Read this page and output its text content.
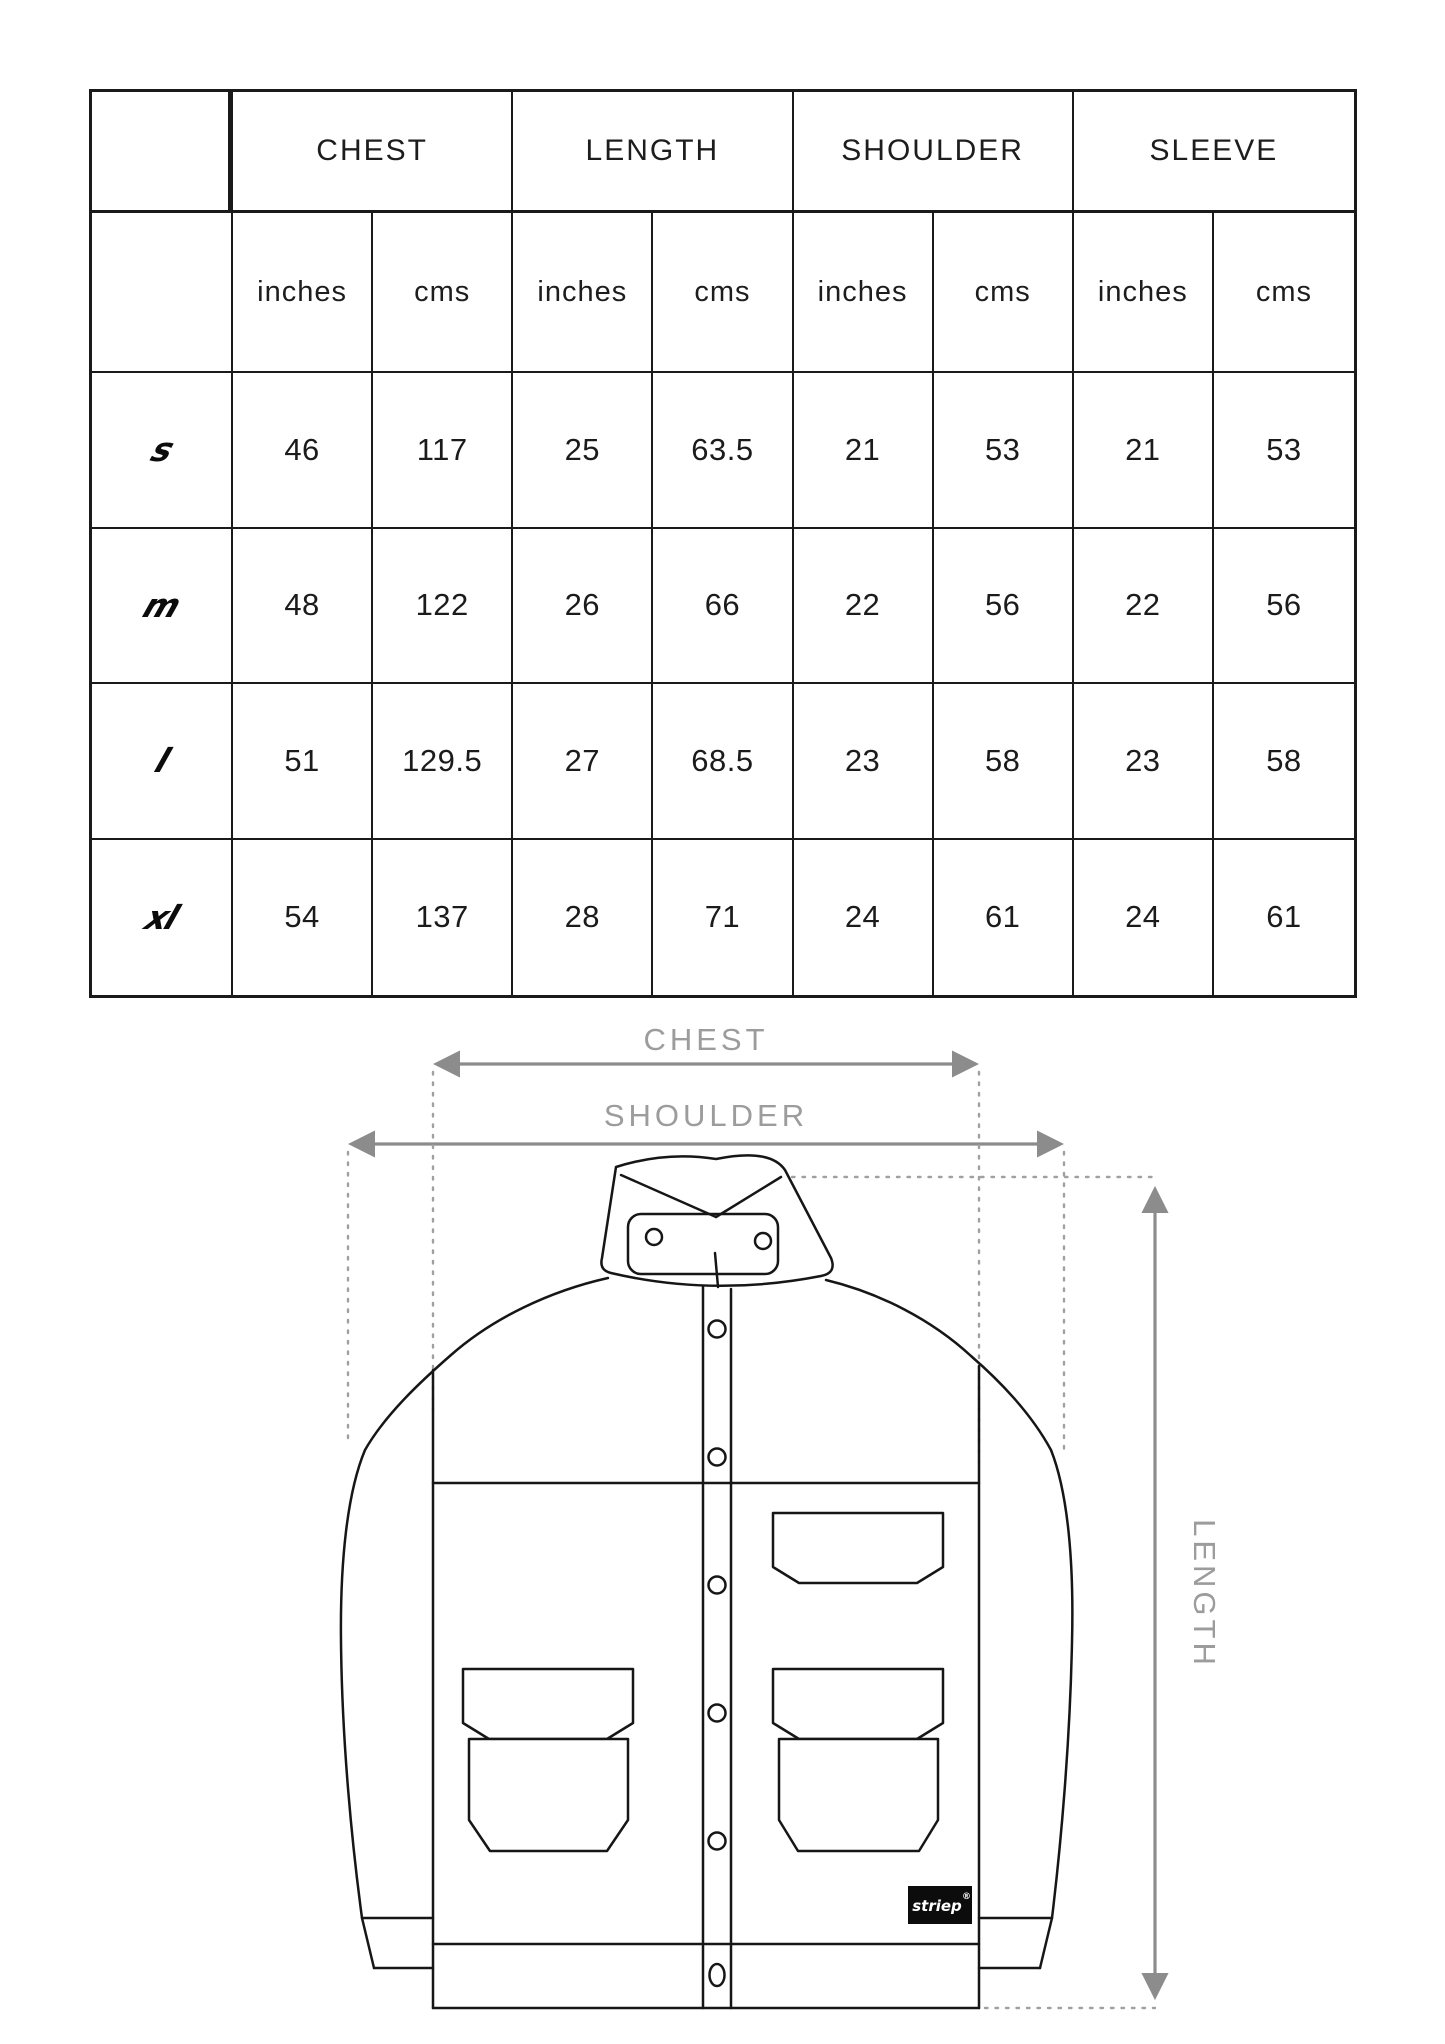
CHEST	LENGTH	SHOULDER	SLEEVE
inches cms inches cms inches cms inches cms
s	46	117	25	63.5	21	53	21	53
m	48	122	26	66	22	56	22	56
l	51	129.5	27	68.5	23	58	23	58
xl	54	137	28	71	24	61	24	61
CHEST
SHOULDER
LENGTH
striep ®
